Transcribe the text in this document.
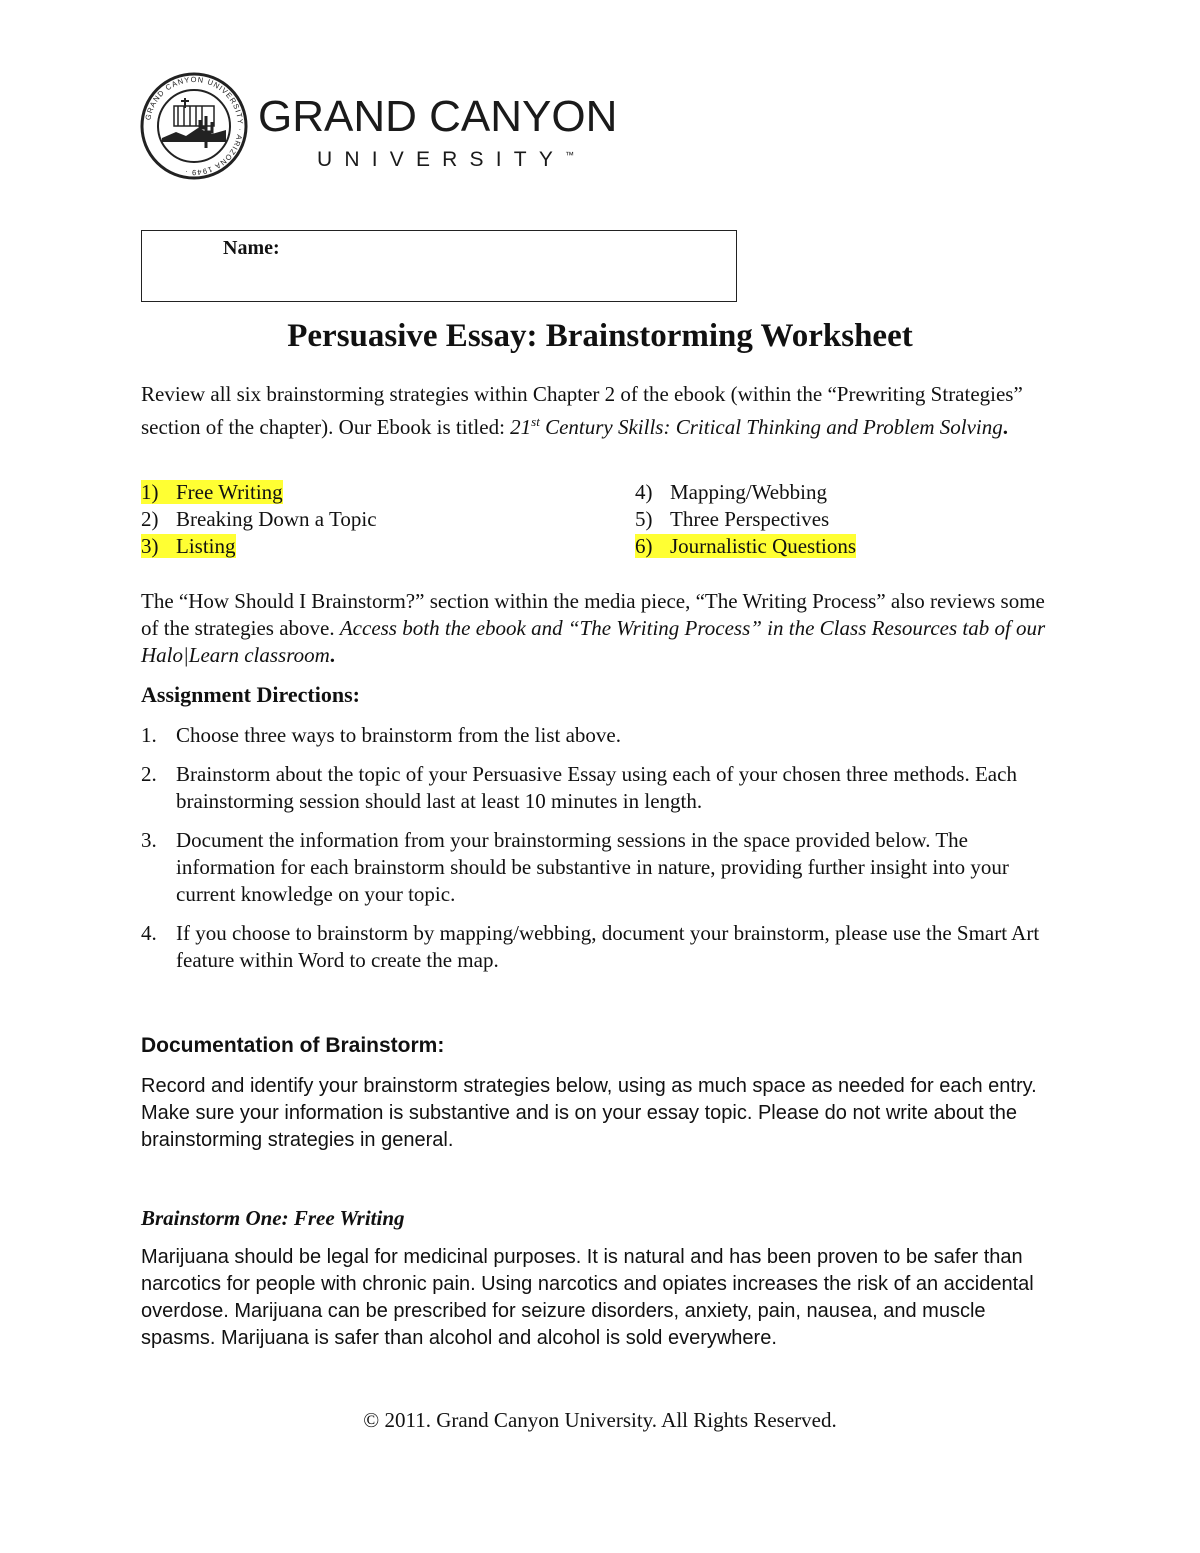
GRAND CANYON UNIVERSITY · ARIZONA 1949 ·
GRAND CANYON
UNIVERSITY™
Name:
Persuasive Essay: Brainstorming Worksheet

Review all six brainstorming strategies within Chapter 2 of the ebook (within the “Prewriting Strategies” section of the chapter). Our Ebook is titled: 21st Century Skills: Critical Thinking and Problem Solving.

1) Free Writing
2) Breaking Down a Topic
3) Listing
4) Mapping/Webbing
5) Three Perspectives
6) Journalistic Questions

The “How Should I Brainstorm?” section within the media piece, “The Writing Process” also reviews some of the strategies above. Access both the ebook and “The Writing Process” in the Class Resources tab of our Halo|Learn classroom.

Assignment Directions:
1. Choose three ways to brainstorm from the list above.
2. Brainstorm about the topic of your Persuasive Essay using each of your chosen three methods. Each brainstorming session should last at least 10 minutes in length.
3. Document the information from your brainstorming sessions in the space provided below. The information for each brainstorm should be substantive in nature, providing further insight into your current knowledge on your topic.
4. If you choose to brainstorm by mapping/webbing, document your brainstorm, please use the Smart Art feature within Word to create the map.
Documentation of Brainstorm:

Record and identify your brainstorm strategies below, using as much space as needed for each entry. Make sure your information is substantive and is on your essay topic. Please do not write about the brainstorming strategies in general.

Brainstorm One: Free Writing

Marijuana should be legal for medicinal purposes. It is natural and has been proven to be safer than narcotics for people with chronic pain. Using narcotics and opiates increases the risk of an accidental overdose. Marijuana can be prescribed for seizure disorders, anxiety, pain, nausea, and muscle spasms. Marijuana is safer than alcohol and alcohol is sold everywhere.

© 2011. Grand Canyon University. All Rights Reserved.
